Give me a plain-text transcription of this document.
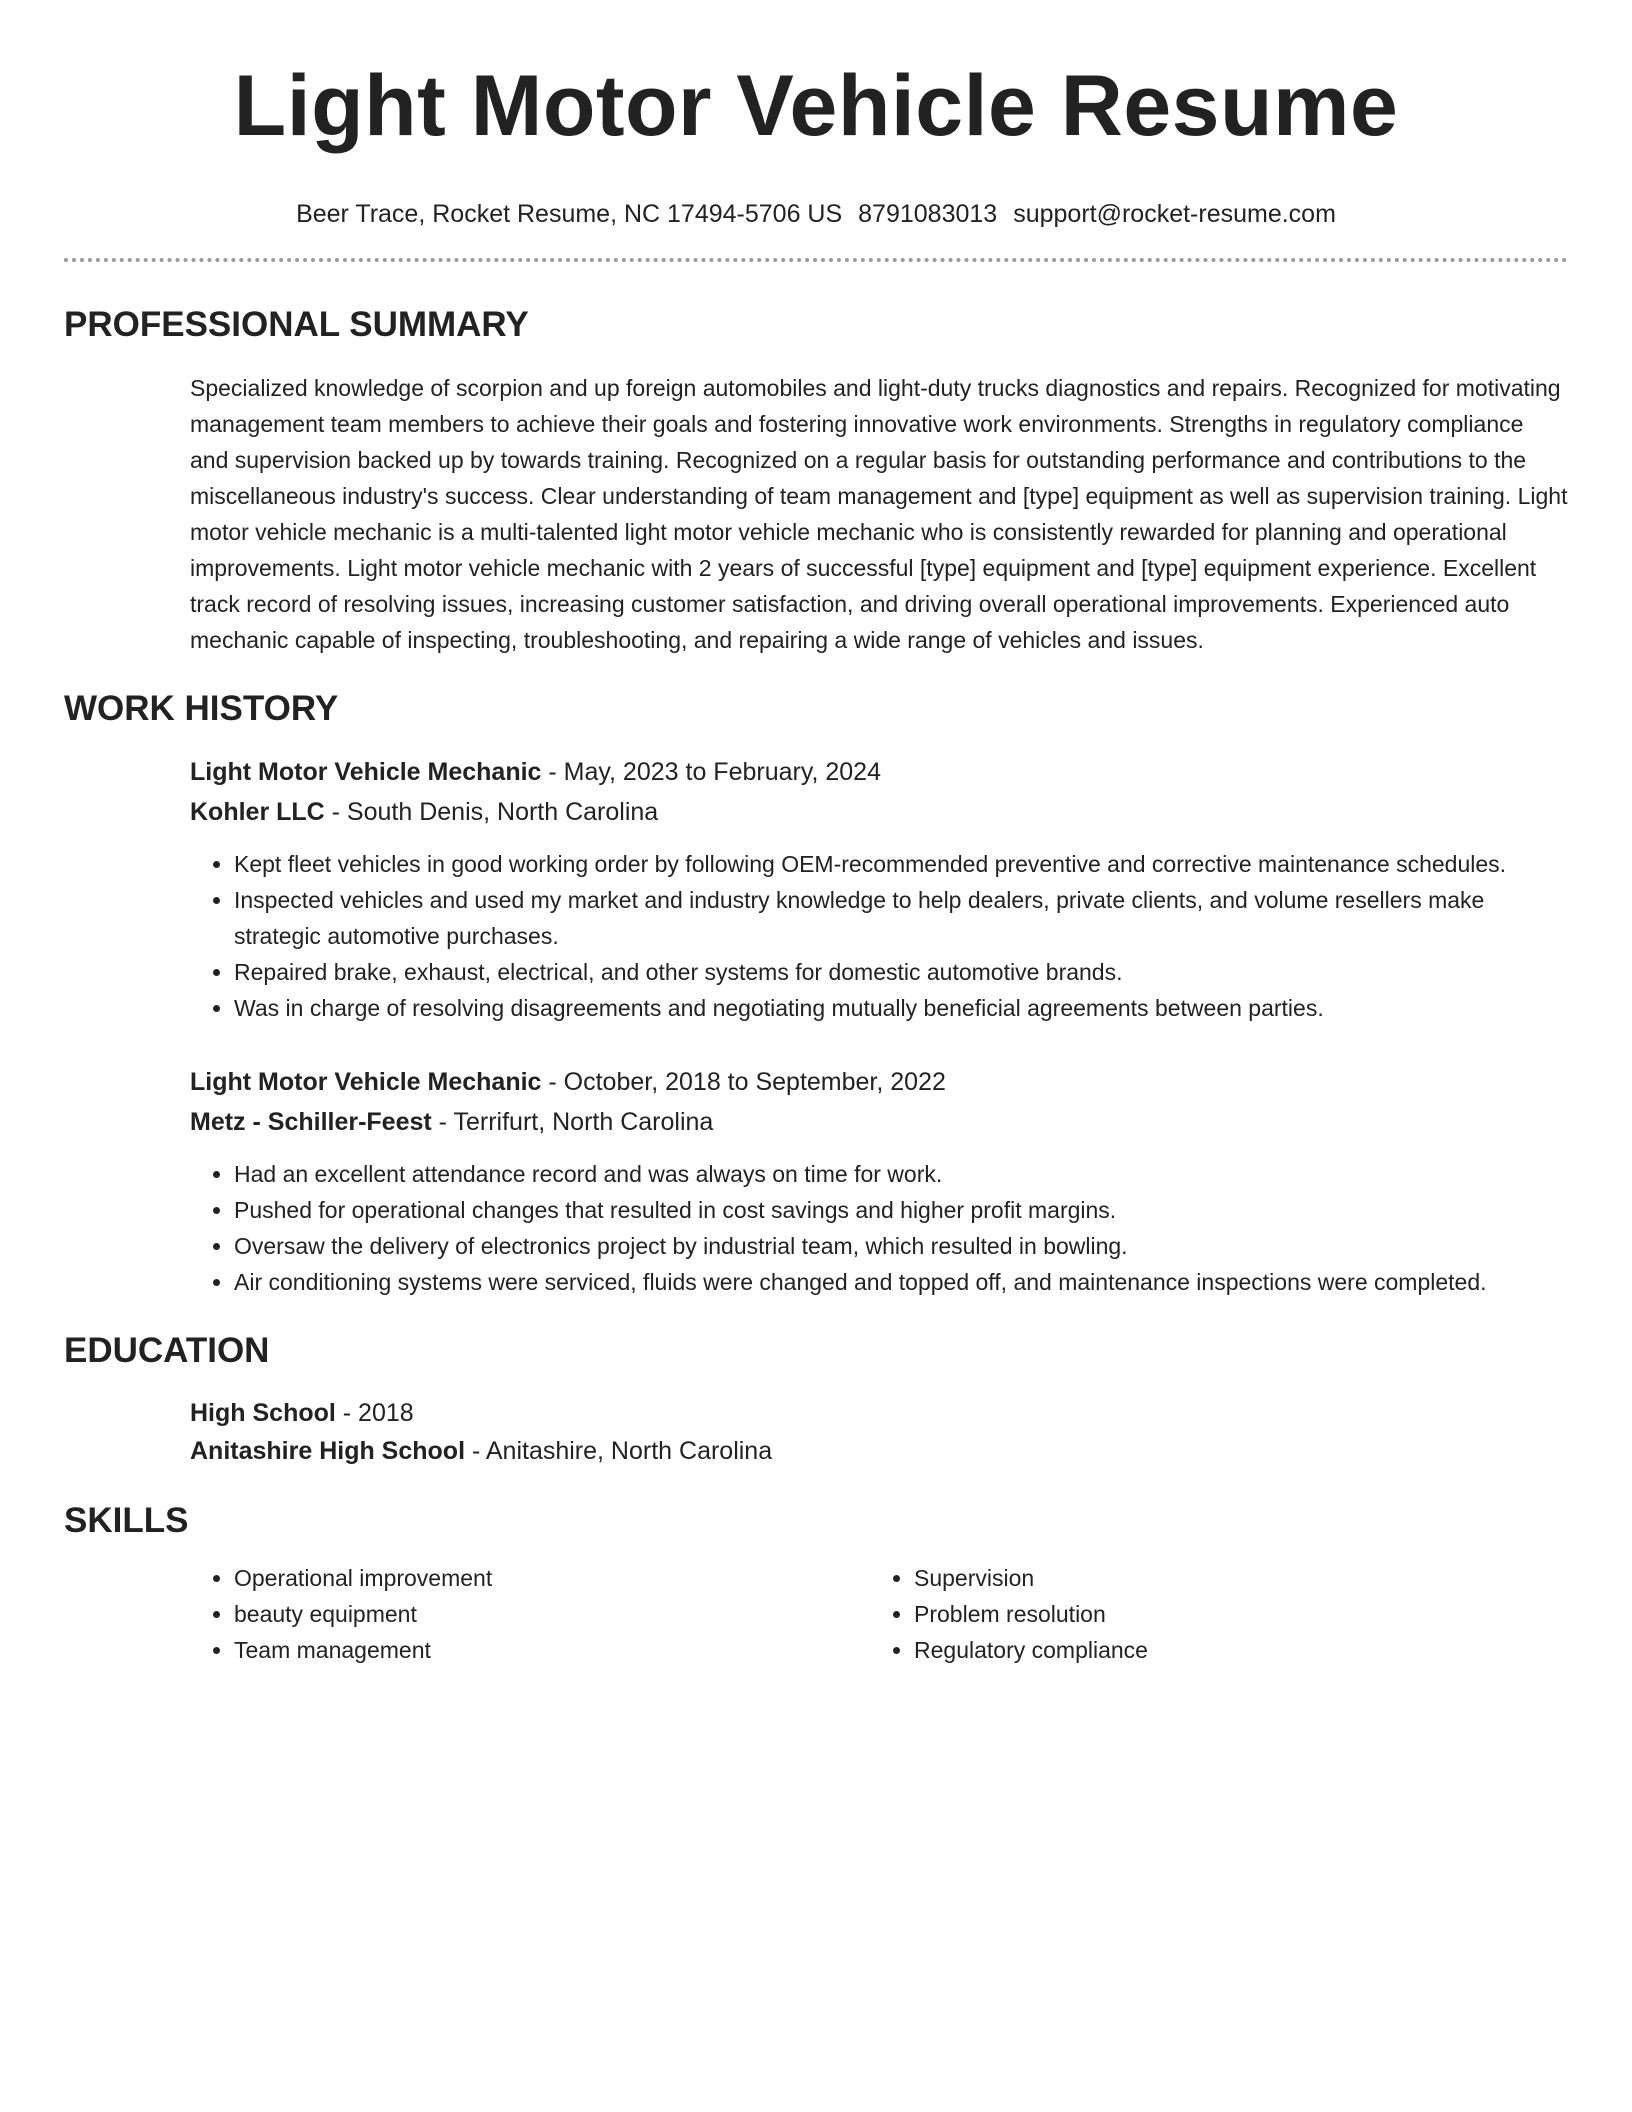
Light Motor Vehicle Resume
Beer Trace, Rocket Resume, NC 17494-5706 US 8791083013 support@rocket-resume.com
PROFESSIONAL SUMMARY

Specialized knowledge of scorpion and up foreign automobiles and light-duty trucks diagnostics and repairs. Recognized for motivating management team members to achieve their goals and fostering innovative work environments. Strengths in regulatory compliance and supervision backed up by towards training. Recognized on a regular basis for outstanding performance and contributions to the miscellaneous industry's success. Clear understanding of team management and [type] equipment as well as supervision training. Light motor vehicle mechanic is a multi-talented light motor vehicle mechanic who is consistently rewarded for planning and operational improvements. Light motor vehicle mechanic with 2 years of successful [type] equipment and [type] equipment experience. Excellent track record of resolving issues, increasing customer satisfaction, and driving overall operational improvements. Experienced auto mechanic capable of inspecting, troubleshooting, and repairing a wide range of vehicles and issues.

WORK HISTORY
Light Motor Vehicle Mechanic - May, 2023 to February, 2024
Kohler LLC - South Denis, North Carolina
• Kept fleet vehicles in good working order by following OEM-recommended preventive and corrective maintenance schedules.
• Inspected vehicles and used my market and industry knowledge to help dealers, private clients, and volume resellers make strategic automotive purchases.
• Repaired brake, exhaust, electrical, and other systems for domestic automotive brands.
• Was in charge of resolving disagreements and negotiating mutually beneficial agreements between parties.
Light Motor Vehicle Mechanic - October, 2018 to September, 2022
Metz - Schiller-Feest - Terrifurt, North Carolina
• Had an excellent attendance record and was always on time for work.
• Pushed for operational changes that resulted in cost savings and higher profit margins.
• Oversaw the delivery of electronics project by industrial team, which resulted in bowling.
• Air conditioning systems were serviced, fluids were changed and topped off, and maintenance inspections were completed.
EDUCATION
High School - 2018
Anitashire High School - Anitashire, North Carolina
SKILLS
• Operational improvement
• beauty equipment
• Team management
• Supervision
• Problem resolution
• Regulatory compliance
